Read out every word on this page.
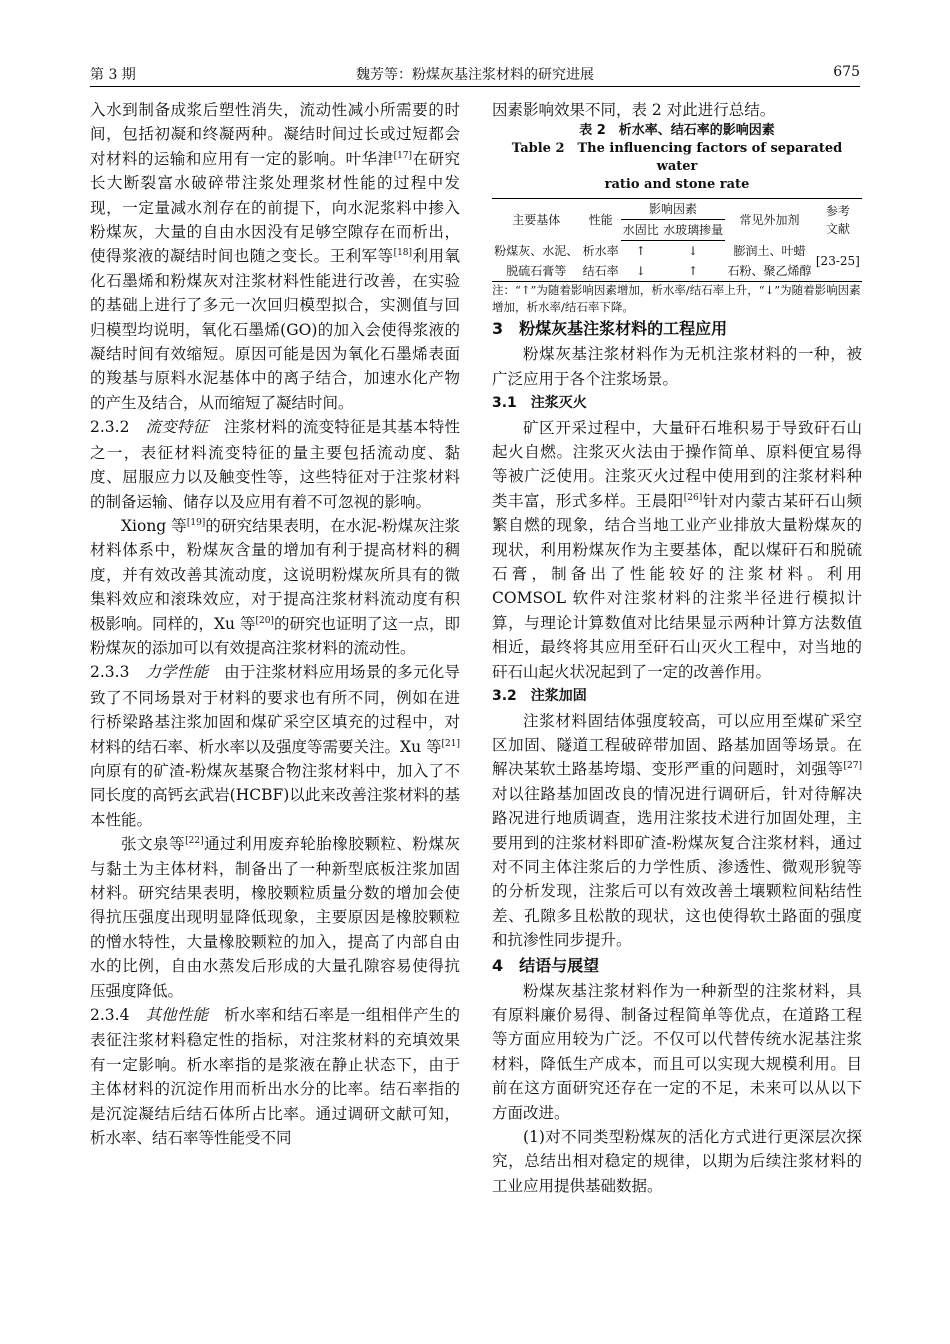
第 3 期	魏芳等：粉煤灰基注浆材料的研究进展	675

入水到制备成浆后塑性消失，流动性减小所需要的时间，包括初凝和终凝两种。凝结时间过长或过短都会对材料的运输和应用有一定的影响。叶华津[17]在研究长大断裂富水破碎带注浆处理浆材性能的过程中发现，一定量减水剂存在的前提下，向水泥浆料中掺入粉煤灰，大量的自由水因没有足够空隙存在而析出，使得浆液的凝结时间也随之变长。王利军等[18]利用氧化石墨烯和粉煤灰对注浆材料性能进行改善，在实验的基础上进行了多元一次回归模型拟合，实测值与回归模型均说明，氧化石墨烯(GO)的加入会使得浆液的凝结时间有效缩短。原因可能是因为氧化石墨烯表面的羧基与原料水泥基体中的离子结合，加速水化产物的产生及结合，从而缩短了凝结时间。

2.3.2　 流变特征　 注浆材料的流变特征是其基本特性之一，表征材料流变特征的量主要包括流动度、黏度、屈服应力以及触变性等，这些特征对于注浆材料的制备运输、储存以及应用有着不可忽视的影响。

Xiong 等[19]的研究结果表明，在水泥-粉煤灰注浆材料体系中，粉煤灰含量的增加有利于提高材料的稠度，并有效改善其流动度，这说明粉煤灰所具有的微集料效应和滚珠效应，对于提高注浆材料流动度有积极影响。同样的，Xu 等[20]的研究也证明了这一点，即粉煤灰的添加可以有效提高注浆材料的流动性。

2.3.3　 力学性能　 由于注浆材料应用场景的多元化导致了不同场景对于材料的要求也有所不同，例如在进行桥梁路基注浆加固和煤矿采空区填充的过程中，对材料的结石率、析水率以及强度等需要关注。Xu 等[21]向原有的矿渣-粉煤灰基聚合物注浆材料中，加入了不同长度的高钙玄武岩(HCBF)以此来改善注浆材料的基本性能。

张文泉等[22]通过利用废弃轮胎橡胶颗粒、粉煤灰与黏土为主体材料，制备出了一种新型底板注浆加固材料。研究结果表明，橡胶颗粒质量分数的增加会使得抗压强度出现明显降低现象，主要原因是橡胶颗粒的憎水特性，大量橡胶颗粒的加入，提高了内部自由水的比例，自由水蒸发后形成的大量孔隙容易使得抗压强度降低。

2.3.4　 其他性能　 析水率和结石率是一组相伴产生的表征注浆材料稳定性的指标，对注浆材料的充填效果有一定影响。析水率指的是浆液在静止状态下，由于主体材料的沉淀作用而析出水分的比率。结石率指的是沉淀凝结后结石体所占比率。通过调研文献可知，析水率、结石率等性能受不同

因素影响效果不同，表 2 对此进行总结。

表 2　析水率、结石率的影响因素

Table 2　The influencing factors of separated water

ratio and stone rate

主要基体	性能	影响因素		常见外加剂	参考
文献
		水固比	水玻璃掺量		
粉煤灰、水泥、	析水率	↑	↓	膨润土、叶蜡	[23-25]
脱硫石膏等	结石率	↓	↑	石粉、聚乙烯醇	

注：“↑”为随着影响因素增加，析水率/结石率上升，“↓”为随着影响因素增加，析水率/结石率下降。

3　粉煤灰基注浆材料的工程应用

粉煤灰基注浆材料作为无机注浆材料的一种，被广泛应用于各个注浆场景。

3.1　注浆灭火

矿区开采过程中，大量矸石堆积易于导致矸石山起火自燃。注浆灭火法由于操作简单、原料便宜易得等被广泛使用。注浆灭火过程中使用到的注浆材料种类丰富，形式多样。王晨阳[26]针对内蒙古某矸石山频繁自燃的现象，结合当地工业产业排放大量粉煤灰的现状，利用粉煤灰作为主要基体，配以煤矸石和脱硫石膏，制备出了性能较好的注浆材料。利用 COMSOL 软件对注浆材料的注浆半径进行模拟计算，与理论计算数值对比结果显示两种计算方法数值相近，最终将其应用至矸石山灭火工程中，对当地的矸石山起火状况起到了一定的改善作用。

3.2　注浆加固

注浆材料固结体强度较高，可以应用至煤矿采空区加固、隧道工程破碎带加固、路基加固等场景。在解决某软土路基垮塌、变形严重的问题时，刘强等[27]对以往路基加固改良的情况进行调研后，针对待解决路况进行地质调查，选用注浆技术进行加固处理，主要用到的注浆材料即矿渣-粉煤灰复合注浆材料，通过对不同主体注浆后的力学性质、渗透性、微观形貌等的分析发现，注浆后可以有效改善土壤颗粒间粘结性差、孔隙多且松散的现状，这也使得软土路面的强度和抗渗性同步提升。

4　结语与展望

粉煤灰基注浆材料作为一种新型的注浆材料，具有原料廉价易得、制备过程简单等优点，在道路工程等方面应用较为广泛。不仅可以代替传统水泥基注浆材料，降低生产成本，而且可以实现大规模利用。目前在这方面研究还存在一定的不足，未来可以从以下方面改进。

(1)对不同类型粉煤灰的活化方式进行更深层次探究，总结出相对稳定的规律，以期为后续注浆材料的工业应用提供基础数据。
